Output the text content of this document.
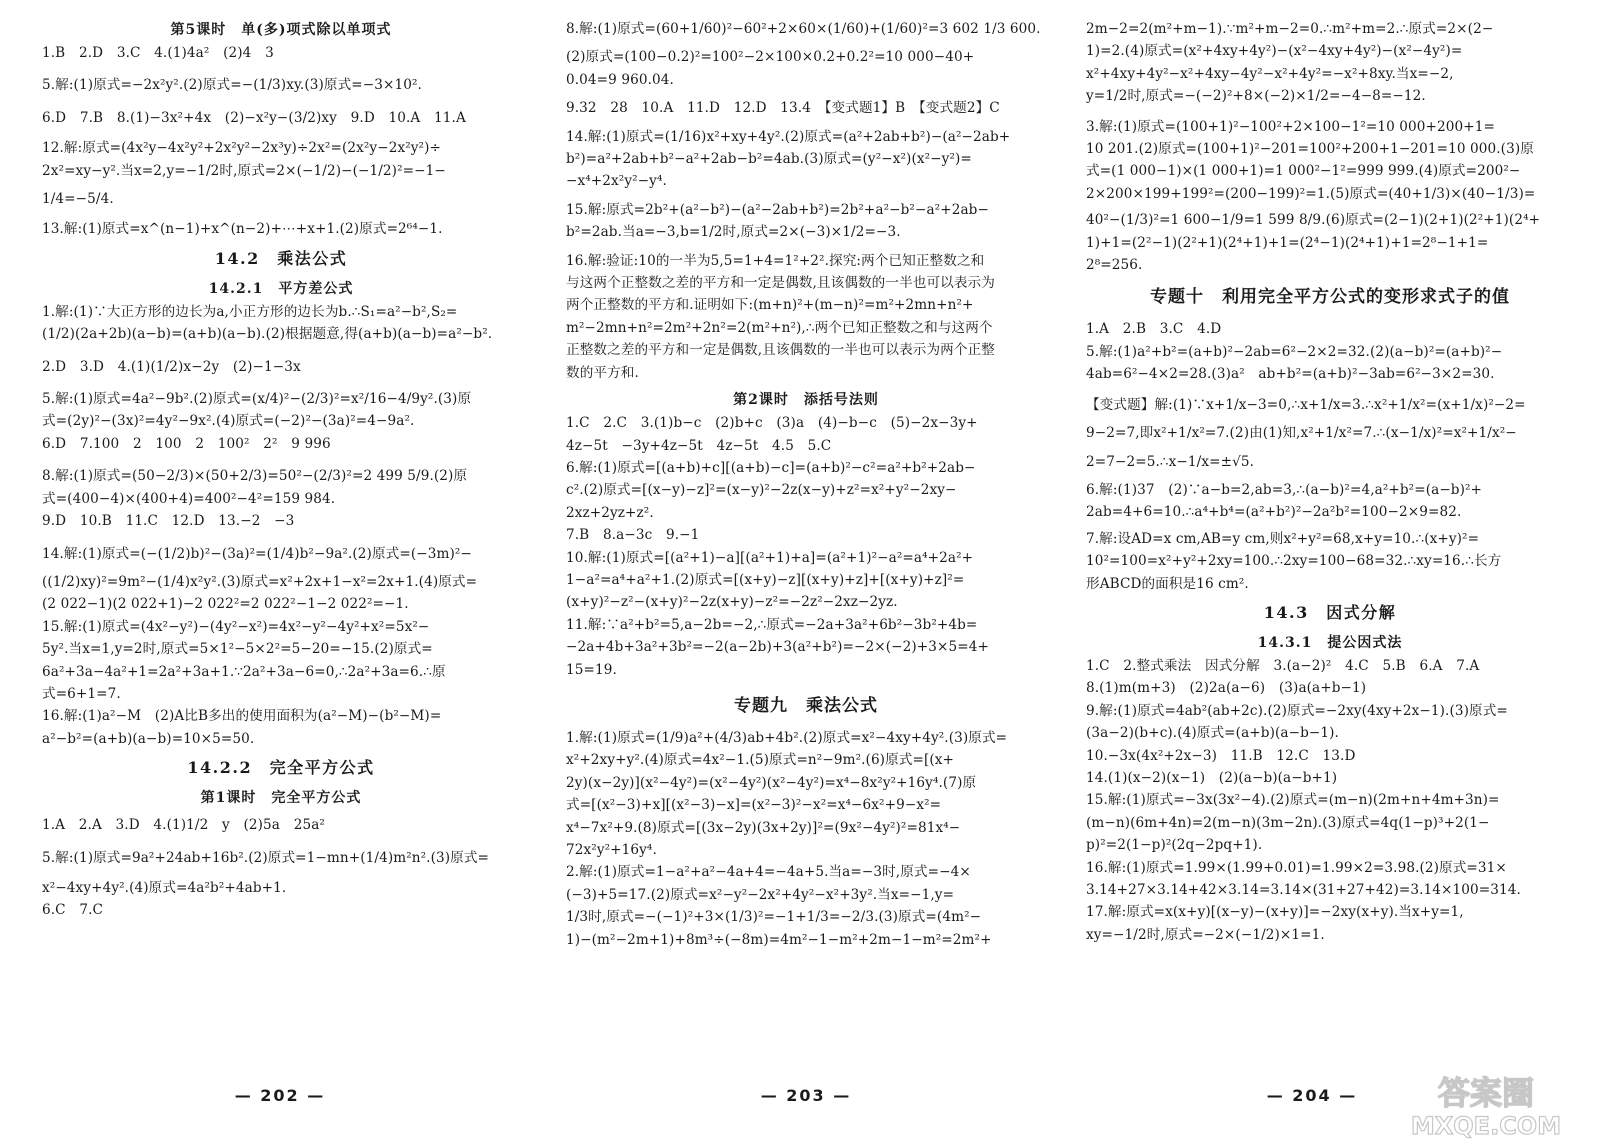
第5课时　单(多)项式除以单项式
1.B　2.D　3.C　4.(1)4a²　(2)4　3
5.解:(1)原式=−2x²y².(2)原式=−(1/3)xy.(3)原式=−3×10².
6.D　7.B　8.(1)−3x²+4x　(2)−x²y−(3/2)xy　9.D　10.A　11.A
12.解:原式=(4x²y−4x²y²+2x²y²−2x³y)÷2x²=(2x²y−2x²y²)÷
2x²=xy−y².当x=2,y=−1/2时,原式=2×(−1/2)−(−1/2)²=−1−
1/4=−5/4.
13.解:(1)原式=x^(n−1)+x^(n−2)+⋯+x+1.(2)原式=2⁶⁴−1.
14.2　乘法公式
14.2.1　平方差公式
1.解:(1)∵大正方形的边长为a,小正方形的边长为b.∴S₁=a²−b²,S₂=
(1/2)(2a+2b)(a−b)=(a+b)(a−b).(2)根据题意,得(a+b)(a−b)=a²−b².
2.D　3.D　4.(1)(1/2)x−2y　(2)−1−3x
5.解:(1)原式=4a²−9b².(2)原式=(x/4)²−(2/3)²=x²/16−4/9y².(3)原
式=(2y)²−(3x)²=4y²−9x².(4)原式=(−2)²−(3a)²=4−9a².
6.D　7.100　2　100　2　100²　2²　9 996
8.解:(1)原式=(50−2/3)×(50+2/3)=50²−(2/3)²=2 499 5/9.(2)原
式=(400−4)×(400+4)=400²−4²=159 984.
9.D　10.B　11.C　12.D　13.−2　−3
14.解:(1)原式=(−(1/2)b)²−(3a)²=(1/4)b²−9a².(2)原式=(−3m)²−
((1/2)xy)²=9m²−(1/4)x²y².(3)原式=x²+2x+1−x²=2x+1.(4)原式=
(2 022−1)(2 022+1)−2 022²=2 022²−1−2 022²=−1.
15.解:(1)原式=(4x²−y²)−(4y²−x²)=4x²−y²−4y²+x²=5x²−
5y².当x=1,y=2时,原式=5×1²−5×2²=5−20=−15.(2)原式=
6a²+3a−4a²+1=2a²+3a+1.∵2a²+3a−6=0,∴2a²+3a=6.∴原
式=6+1=7.
16.解:(1)a²−M　(2)A比B多出的使用面积为(a²−M)−(b²−M)=
a²−b²=(a+b)(a−b)=10×5=50.
14.2.2　完全平方公式
第1课时　完全平方公式
1.A　2.A　3.D　4.(1)1/2　y　(2)5a　25a²
5.解:(1)原式=9a²+24ab+16b².(2)原式=1−mn+(1/4)m²n².(3)原式=
x²−4xy+4y².(4)原式=4a²b²+4ab+1.
6.C　7.C
8.解:(1)原式=(60+1/60)²−60²+2×60×(1/60)+(1/60)²=3 602 1/3 600.
(2)原式=(100−0.2)²=100²−2×100×0.2+0.2²=10 000−40+
0.04=9 960.04.
9.32　28　10.A　11.D　12.D　13.4　【变式题1】B　【变式题2】C
14.解:(1)原式=(1/16)x²+xy+4y².(2)原式=(a²+2ab+b²)−(a²−2ab+
b²)=a²+2ab+b²−a²+2ab−b²=4ab.(3)原式=(y²−x²)(x²−y²)=
−x⁴+2x²y²−y⁴.
15.解:原式=2b²+(a²−b²)−(a²−2ab+b²)=2b²+a²−b²−a²+2ab−
b²=2ab.当a=−3,b=1/2时,原式=2×(−3)×1/2=−3.
16.解:验证:10的一半为5,5=1+4=1²+2².探究:两个已知正整数之和
与这两个正整数之差的平方和一定是偶数,且该偶数的一半也可以表示为
两个正整数的平方和.证明如下:(m+n)²+(m−n)²=m²+2mn+n²+
m²−2mn+n²=2m²+2n²=2(m²+n²),∴两个已知正整数之和与这两个
正整数之差的平方和一定是偶数,且该偶数的一半也可以表示为两个正整
数的平方和.
第2课时　添括号法则
1.C　2.C　3.(1)b−c　(2)b+c　(3)a　(4)−b−c　(5)−2x−3y+
4z−5t　−3y+4z−5t　4z−5t　4.5　5.C
6.解:(1)原式=[(a+b)+c][(a+b)−c]=(a+b)²−c²=a²+b²+2ab−
c².(2)原式=[(x−y)−z]²=(x−y)²−2z(x−y)+z²=x²+y²−2xy−
2xz+2yz+z².
7.B　8.a−3c　9.−1
10.解:(1)原式=[(a²+1)−a][(a²+1)+a]=(a²+1)²−a²=a⁴+2a²+
1−a²=a⁴+a²+1.(2)原式=[(x+y)−z][(x+y)+z]+[(x+y)+z]²=
(x+y)²−z²−(x+y)²−2z(x+y)−z²=−2z²−2xz−2yz.
11.解:∵a²+b²=5,a−2b=−2,∴原式=−2a+3a²+6b²−3b²+4b=
−2a+4b+3a²+3b²=−2(a−2b)+3(a²+b²)=−2×(−2)+3×5=4+
15=19.
专题九　乘法公式
1.解:(1)原式=(1/9)a²+(4/3)ab+4b².(2)原式=x²−4xy+4y².(3)原式=
x²+2xy+y².(4)原式=4x²−1.(5)原式=n²−9m².(6)原式=[(x+
2y)(x−2y)](x²−4y²)=(x²−4y²)(x²−4y²)=x⁴−8x²y²+16y⁴.(7)原
式=[(x²−3)+x][(x²−3)−x]=(x²−3)²−x²=x⁴−6x²+9−x²=
x⁴−7x²+9.(8)原式=[(3x−2y)(3x+2y)]²=(9x²−4y²)²=81x⁴−
72x²y²+16y⁴.
2.解:(1)原式=1−a²+a²−4a+4=−4a+5.当a=−3时,原式=−4×
(−3)+5=17.(2)原式=x²−y²−2x²+4y²−x²+3y².当x=−1,y=
1/3时,原式=−(−1)²+3×(1/3)²=−1+1/3=−2/3.(3)原式=(4m²−
1)−(m²−2m+1)+8m³÷(−8m)=4m²−1−m²+2m−1−m²=2m²+
2m−2=2(m²+m−1).∵m²+m−2=0.∴m²+m=2.∴原式=2×(2−
1)=2.(4)原式=(x²+4xy+4y²)−(x²−4xy+4y²)−(x²−4y²)=
x²+4xy+4y²−x²+4xy−4y²−x²+4y²=−x²+8xy.当x=−2,
y=1/2时,原式=−(−2)²+8×(−2)×1/2=−4−8=−12.
3.解:(1)原式=(100+1)²−100²+2×100−1²=10 000+200+1=
10 201.(2)原式=(100+1)²−201=100²+200+1−201=10 000.(3)原
式=(1 000−1)×(1 000+1)=1 000²−1²=999 999.(4)原式=200²−
2×200×199+199²=(200−199)²=1.(5)原式=(40+1/3)×(40−1/3)=
40²−(1/3)²=1 600−1/9=1 599 8/9.(6)原式=(2−1)(2+1)(2²+1)(2⁴+
1)+1=(2²−1)(2²+1)(2⁴+1)+1=(2⁴−1)(2⁴+1)+1=2⁸−1+1=
2⁸=256.
专题十　利用完全平方公式的变形求式子的值
1.A　2.B　3.C　4.D
5.解:(1)a²+b²=(a+b)²−2ab=6²−2×2=32.(2)(a−b)²=(a+b)²−
4ab=6²−4×2=28.(3)a²　ab+b²=(a+b)²−3ab=6²−3×2=30.
【变式题】解:(1)∵x+1/x−3=0,∴x+1/x=3.∴x²+1/x²=(x+1/x)²−2=
9−2=7,即x²+1/x²=7.(2)由(1)知,x²+1/x²=7.∴(x−1/x)²=x²+1/x²−
2=7−2=5.∴x−1/x=±√5.
6.解:(1)37　(2)∵a−b=2,ab=3,∴(a−b)²=4,a²+b²=(a−b)²+
2ab=4+6=10.∴a⁴+b⁴=(a²+b²)²−2a²b²=100−2×9=82.
7.解:设AD=x cm,AB=y cm,则x²+y²=68,x+y=10.∴(x+y)²=
10²=100=x²+y²+2xy=100.∴2xy=100−68=32.∴xy=16.∴长方
形ABCD的面积是16 cm².
14.3　因式分解
14.3.1　提公因式法
1.C　2.整式乘法　因式分解　3.(a−2)²　4.C　5.B　6.A　7.A
8.(1)m(m+3)　(2)2a(a−6)　(3)a(a+b−1)
9.解:(1)原式=4ab²(ab+2c).(2)原式=−2xy(4xy+2x−1).(3)原式=
(3a−2)(b+c).(4)原式=(a+b)(a−b−1).
10.−3x(4x²+2x−3)　11.B　12.C　13.D
14.(1)(x−2)(x−1)　(2)(a−b)(a−b+1)
15.解:(1)原式=−3x(3x²−4).(2)原式=(m−n)(2m+n+4m+3n)=
(m−n)(6m+4n)=2(m−n)(3m−2n).(3)原式=4q(1−p)³+2(1−
p)²=2(1−p)²(2q−2pq+1).
16.解:(1)原式=1.99×(1.99+0.01)=1.99×2=3.98.(2)原式=31×
3.14+27×3.14+42×3.14=3.14×(31+27+42)=3.14×100=314.
17.解:原式=x(x+y)[(x−y)−(x+y)]=−2xy(x+y).当x+y=1,
xy=−1/2时,原式=−2×(−1/2)×1=1.
— 202 —	— 203 —	— 204 —	答案圈
MXQE.COM
